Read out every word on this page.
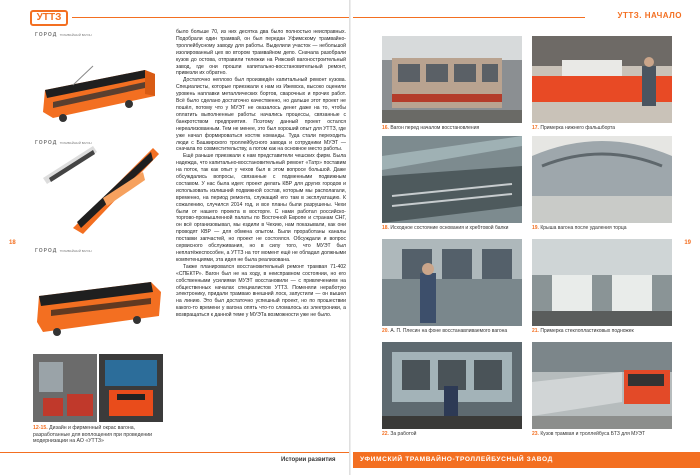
УТТЗ	УТТЗ. НАЧАЛО
18	19
ГОРОД ТРАМВАЙНЫЙ ВАГОН
ГОРОД ТРАМВАЙНЫЙ ВАГОН
ГОРОД ТРАМВАЙНЫЙ ВАГОН
12-15. Дизайн и фирменный окрас вагона, разработанные для воплощения при проведении модернизации на АО «УТТЗ»

было больше 70, из них десятка два было полностью неисправных. Подобрали один трамвай, он был передан Уфимскому трамвайно-троллейбусному заводу для работы. Выделили участок — небольшой изолированный цех во втором трамвайном депо. Сначала разобрали кузов до остова, отправили тележки на Рижский вагоностроительный завод, где они прошли капитально-восстановительный ремонт, привезли их обратно.

Достаточно неплохо был произведён капитальный ремонт кузова. Специалисты, которые приезжали к нам из Ижевска, высоко оценили уровень наплавки металлических бортов, сварочных и прочих работ. Всё было сделано достаточно качественно, но дальше этот проект не пошёл, потому что у МУЭТ не оказалось денег даже на то, чтобы оплатить выполненные работы: начались процессы, связанные с банкротством предприятия. Поэтому данный проект остался нереализованным. Тем не менее, это был хороший опыт для УТТЗ, где уже начал формироваться костяк команды. Туда стали переходить люди с Башкирского троллейбусного завода и сотрудники МУЭТ — сначала по совместительству, а потом как на основное место работы.

Ещё раньше приезжали к нам представители чешских фирм. Была надежда, что капитально-восстановительный ремонт «Татр» поставим на поток, так как опыт у чехов был в этом вопросе большой. Даже обсуждались вопросы, связанные с подменными подвижным составом. У нас была идея: проект делать КВР для других городов и использовать излишний подвижной состав, которым мы располагали, временно, на период ремонта, служащий его там в эксплуатацию. К сожалению, случился 2014 год, и все планы были разрушены. Чехи были от нашего проекта в восторге. С нами работал российско-торгово-промышленной палаты по Восточной Европе и странам СНГ, он всё организовывал, мы ездили в Чехию, нам показывали, как они проводят КВР — для обмена опытом. Были проработаны каналы поставки запчастей, но проект не состоялся. Обсуждали и вопрос сервисного обслуживания, но в силу того, что МУЭТ был неплатёжеспособен, а УТТЗ на тот момент ещё не обладал должными компетенциями, эта идея не была реализована.

Также планировался восстановительный ремонт трамвая 71-402 «СПЕКТР». Вагон был не на ходу, в неисправном состоянии, но его собственными усилиями МУЭТ восстановили — с привлечением на общественных началах специалистов УТТЗ. Поменяли неработую электронику, придали трамваю внешний лоск, запустили — он вышел на линию. Это был достаточно успешный проект, но по прошествии какого-то времени у вагона опять что-то сломалось из электроники, а возвращаться к данной теме у МУЭТа возможности уже не было.

16. Вагон перед началом восстановления	17. Примерка нижнего фальшборта
18. Исходное состояние основания и хребтовой балки	19. Крыша вагона после удаления торца
20. А. П. Плесин на фоне восстанавливаемого вагона	21. Примерка стеклопластиковых подножек
22. За работой	23. Кузов трамвая и троллейбуса БТЗ для МУЭТ
Истории развития	УФИМСКИЙ ТРАМВАЙНО-ТРОЛЛЕЙБУСНЫЙ ЗАВОД
